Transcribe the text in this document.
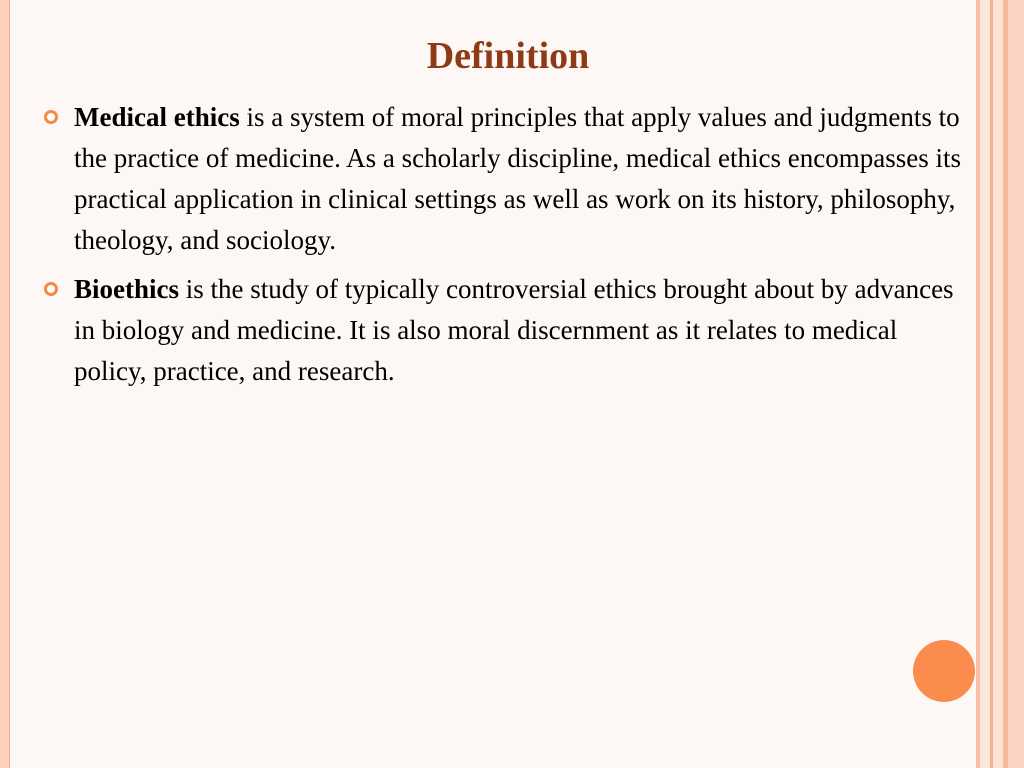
Definition
Medical ethics is a system of moral principles that apply values and judgments to the practice of medicine. As a scholarly discipline, medical ethics encompasses its practical application in clinical settings as well as work on its history, philosophy, theology, and sociology.
Bioethics is the study of typically controversial ethics brought about by advances in biology and medicine. It is also moral discernment as it relates to medical policy, practice, and research.
